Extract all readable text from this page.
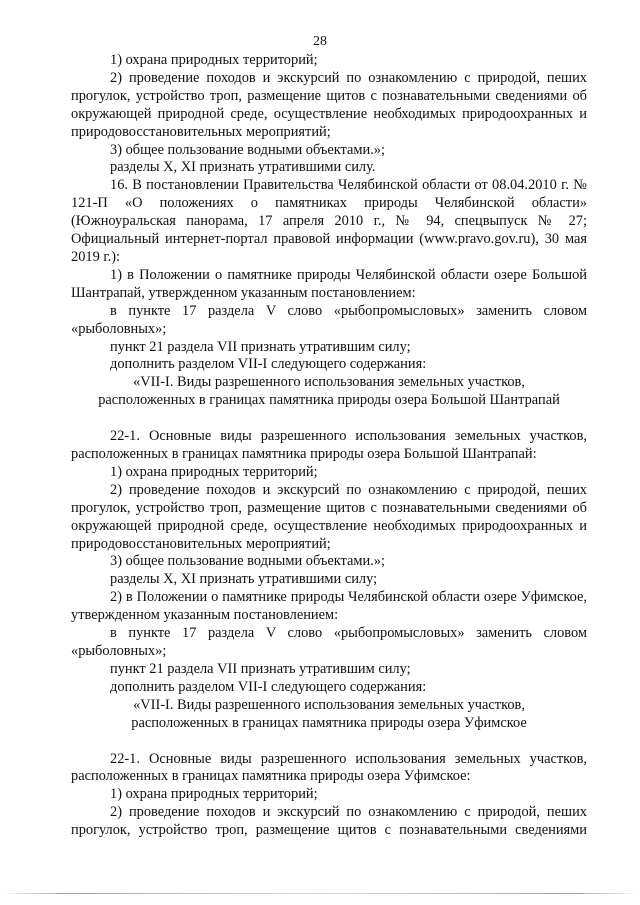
28

1) охрана природных территорий;

2) проведение походов и экскурсий по ознакомлению с природой, пеших прогулок, устройство троп, размещение щитов с познавательными сведениями об окружающей природной среде, осуществление необходимых природоохранных и природовосстановительных мероприятий;

3) общее пользование водными объектами.»;

разделы X, XI признать утратившими силу.

16. В постановлении Правительства Челябинской области от 08.04.2010 г. № 121-П «О положениях о памятниках природы Челябинской области» (Южноуральская панорама, 17 апреля 2010 г., № 94, спецвыпуск № 27; Официальный интернет-портал правовой информации (www.pravo.gov.ru), 30 мая 2019 г.):

1) в Положении о памятнике природы Челябинской области озере Большой Шантрапай, утвержденном указанным постановлением:

в пункте 17 раздела V слово «рыбопромысловых» заменить словом «рыболовных»;

пункт 21 раздела VII признать утратившим силу;

дополнить разделом VII-I следующего содержания:

«VII-I. Виды разрешенного использования земельных участков,

расположенных в границах памятника природы озера Большой Шантрапай

22-1. Основные виды разрешенного использования земельных участков, расположенных в границах памятника природы озера Большой Шантрапай:

1) охрана природных территорий;

2) проведение походов и экскурсий по ознакомлению с природой, пеших прогулок, устройство троп, размещение щитов с познавательными сведениями об окружающей природной среде, осуществление необходимых природоохранных и природовосстановительных мероприятий;

3) общее пользование водными объектами.»;

разделы X, XI признать утратившими силу;

2) в Положении о памятнике природы Челябинской области озере Уфимское, утвержденном указанным постановлением:

в пункте 17 раздела V слово «рыбопромысловых» заменить словом «рыболовных»;

пункт 21 раздела VII признать утратившим силу;

дополнить разделом VII-I следующего содержания:

«VII-I. Виды разрешенного использования земельных участков,

расположенных в границах памятника природы озера Уфимское

22-1. Основные виды разрешенного использования земельных участков, расположенных в границах памятника природы озера Уфимское:

1) охрана природных территорий;

2) проведение походов и экскурсий по ознакомлению с природой, пеших прогулок, устройство троп, размещение щитов с познавательными сведениями
